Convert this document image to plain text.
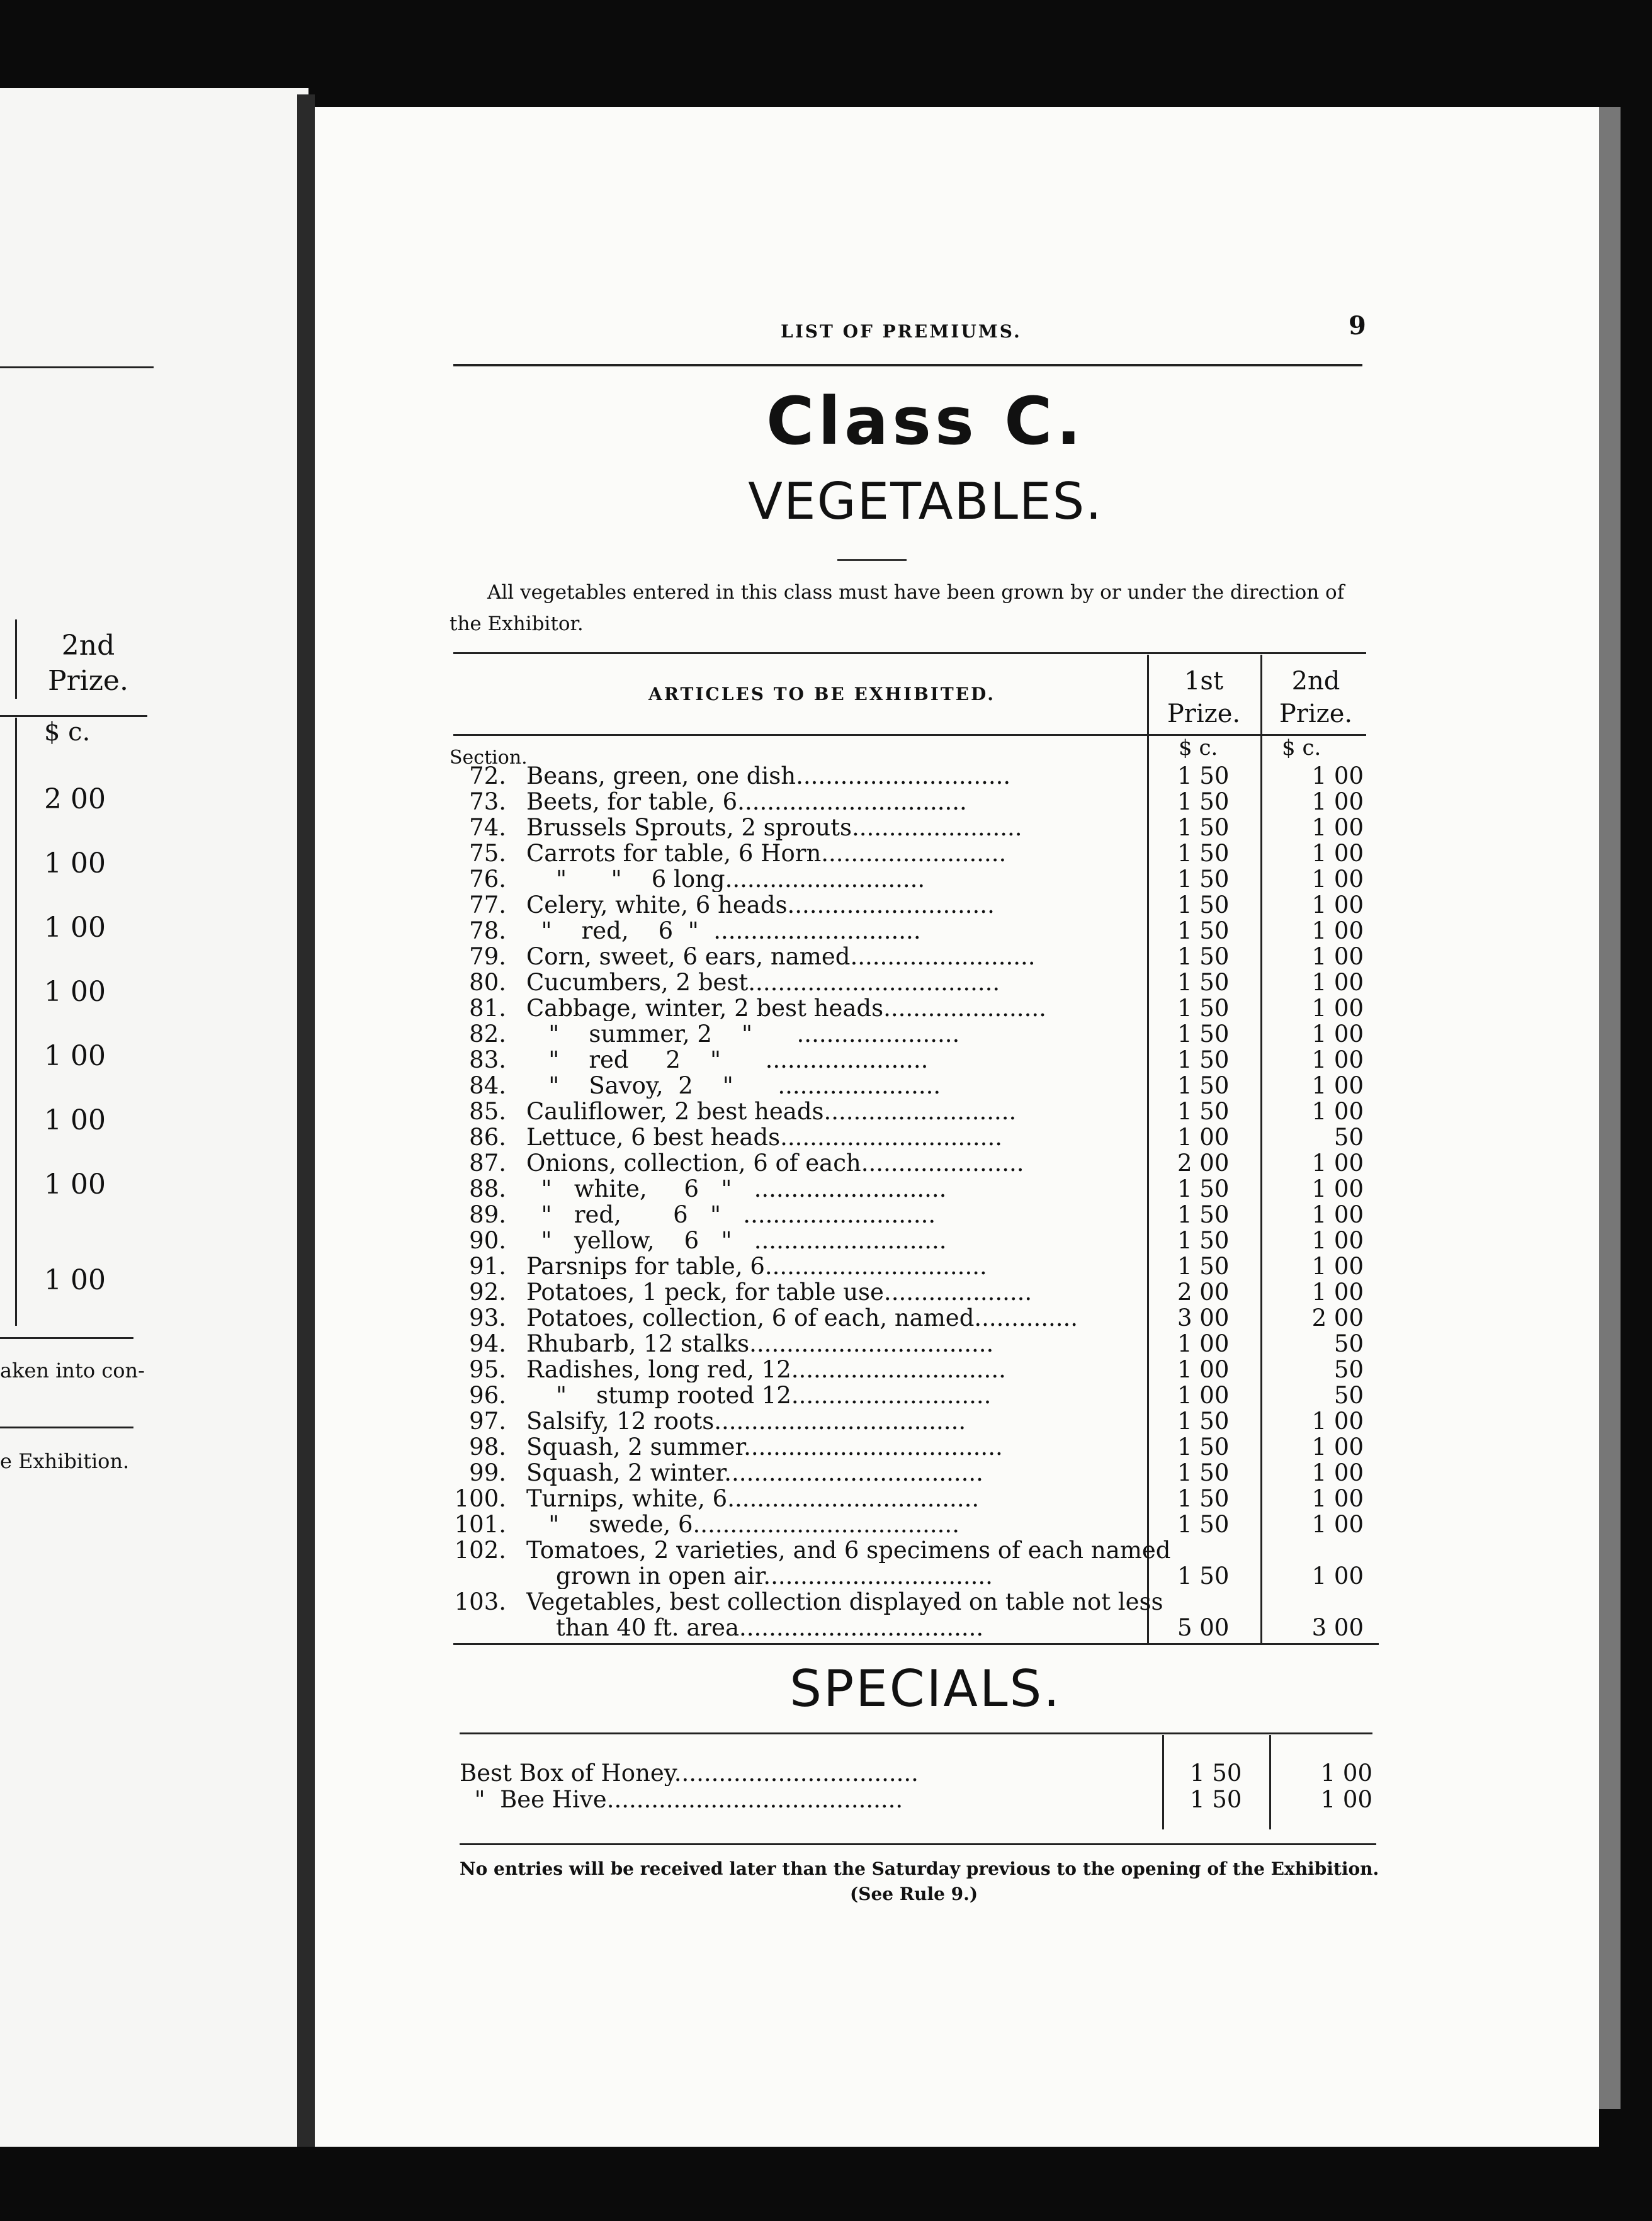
2nd
Prize.
$ c.
2 00
1 00
1 00
1 00
1 00
1 00
1 00
1 00
aken into con-
e Exhibition.
LIST OF PREMIUMS.	9
Class C.
VEGETABLES.
All vegetables entered in this class must have been grown by or under the direction of
the Exhibitor.
ARTICLES TO BE EXHIBITED.	1st
Prize.
2nd
Prize.
Section.	$ c.	$ c.
72. Beans, green, one dish.............................	1 50	1 00
73. Beets, for table, 6...............................	1 50	1 00
74. Brussels Sprouts, 2 sprouts.......................	1 50	1 00
75. Carrots for table, 6 Horn.........................	1 50	1 00
76. "      "    6 long...........................	1 50	1 00
77. Celery, white, 6 heads............................	1 50	1 00
78. "    red,    6  "  ............................	1 50	1 00
79. Corn, sweet, 6 ears, named.........................	1 50	1 00
80. Cucumbers, 2 best..................................	1 50	1 00
81. Cabbage, winter, 2 best heads......................	1 50	1 00
82. "    summer, 2    "      ......................	1 50	1 00
83. "    red     2    "      ......................	1 50	1 00
84. "    Savoy,  2    "      ......................	1 50	1 00
85. Cauliflower, 2 best heads..........................	1 50	1 00
86. Lettuce, 6 best heads..............................	1 00	50
87. Onions, collection, 6 of each......................	2 00	1 00
88. "   white,     6   "   ..........................	1 50	1 00
89. "   red,       6   "   ..........................	1 50	1 00
90. "   yellow,    6   "   ..........................	1 50	1 00
91. Parsnips for table, 6..............................	1 50	1 00
92. Potatoes, 1 peck, for table use....................	2 00	1 00
93. Potatoes, collection, 6 of each, named..............	3 00	2 00
94. Rhubarb, 12 stalks.................................	1 00	50
95. Radishes, long red, 12.............................	1 00	50
96. "    stump rooted 12...........................	1 00	50
97. Salsify, 12 roots..................................	1 50	1 00
98. Squash, 2 summer...................................	1 50	1 00
99. Squash, 2 winter...................................	1 50	1 00
100. Turnips, white, 6..................................	1 50	1 00
101. "    swede, 6....................................	1 50	1 00
102. Tomatoes, 2 varieties, and 6 specimens of each named
grown in open air...............................	1 50	1 00
103. Vegetables, best collection displayed on table not less
than 40 ft. area.................................	5 00	3 00
SPECIALS.
Best Box of Honey.................................	1 50	1 00
"  Bee Hive........................................	1 50	1 00
No entries will be received later than the Saturday previous to the opening of the Exhibition.
(See Rule 9.)
